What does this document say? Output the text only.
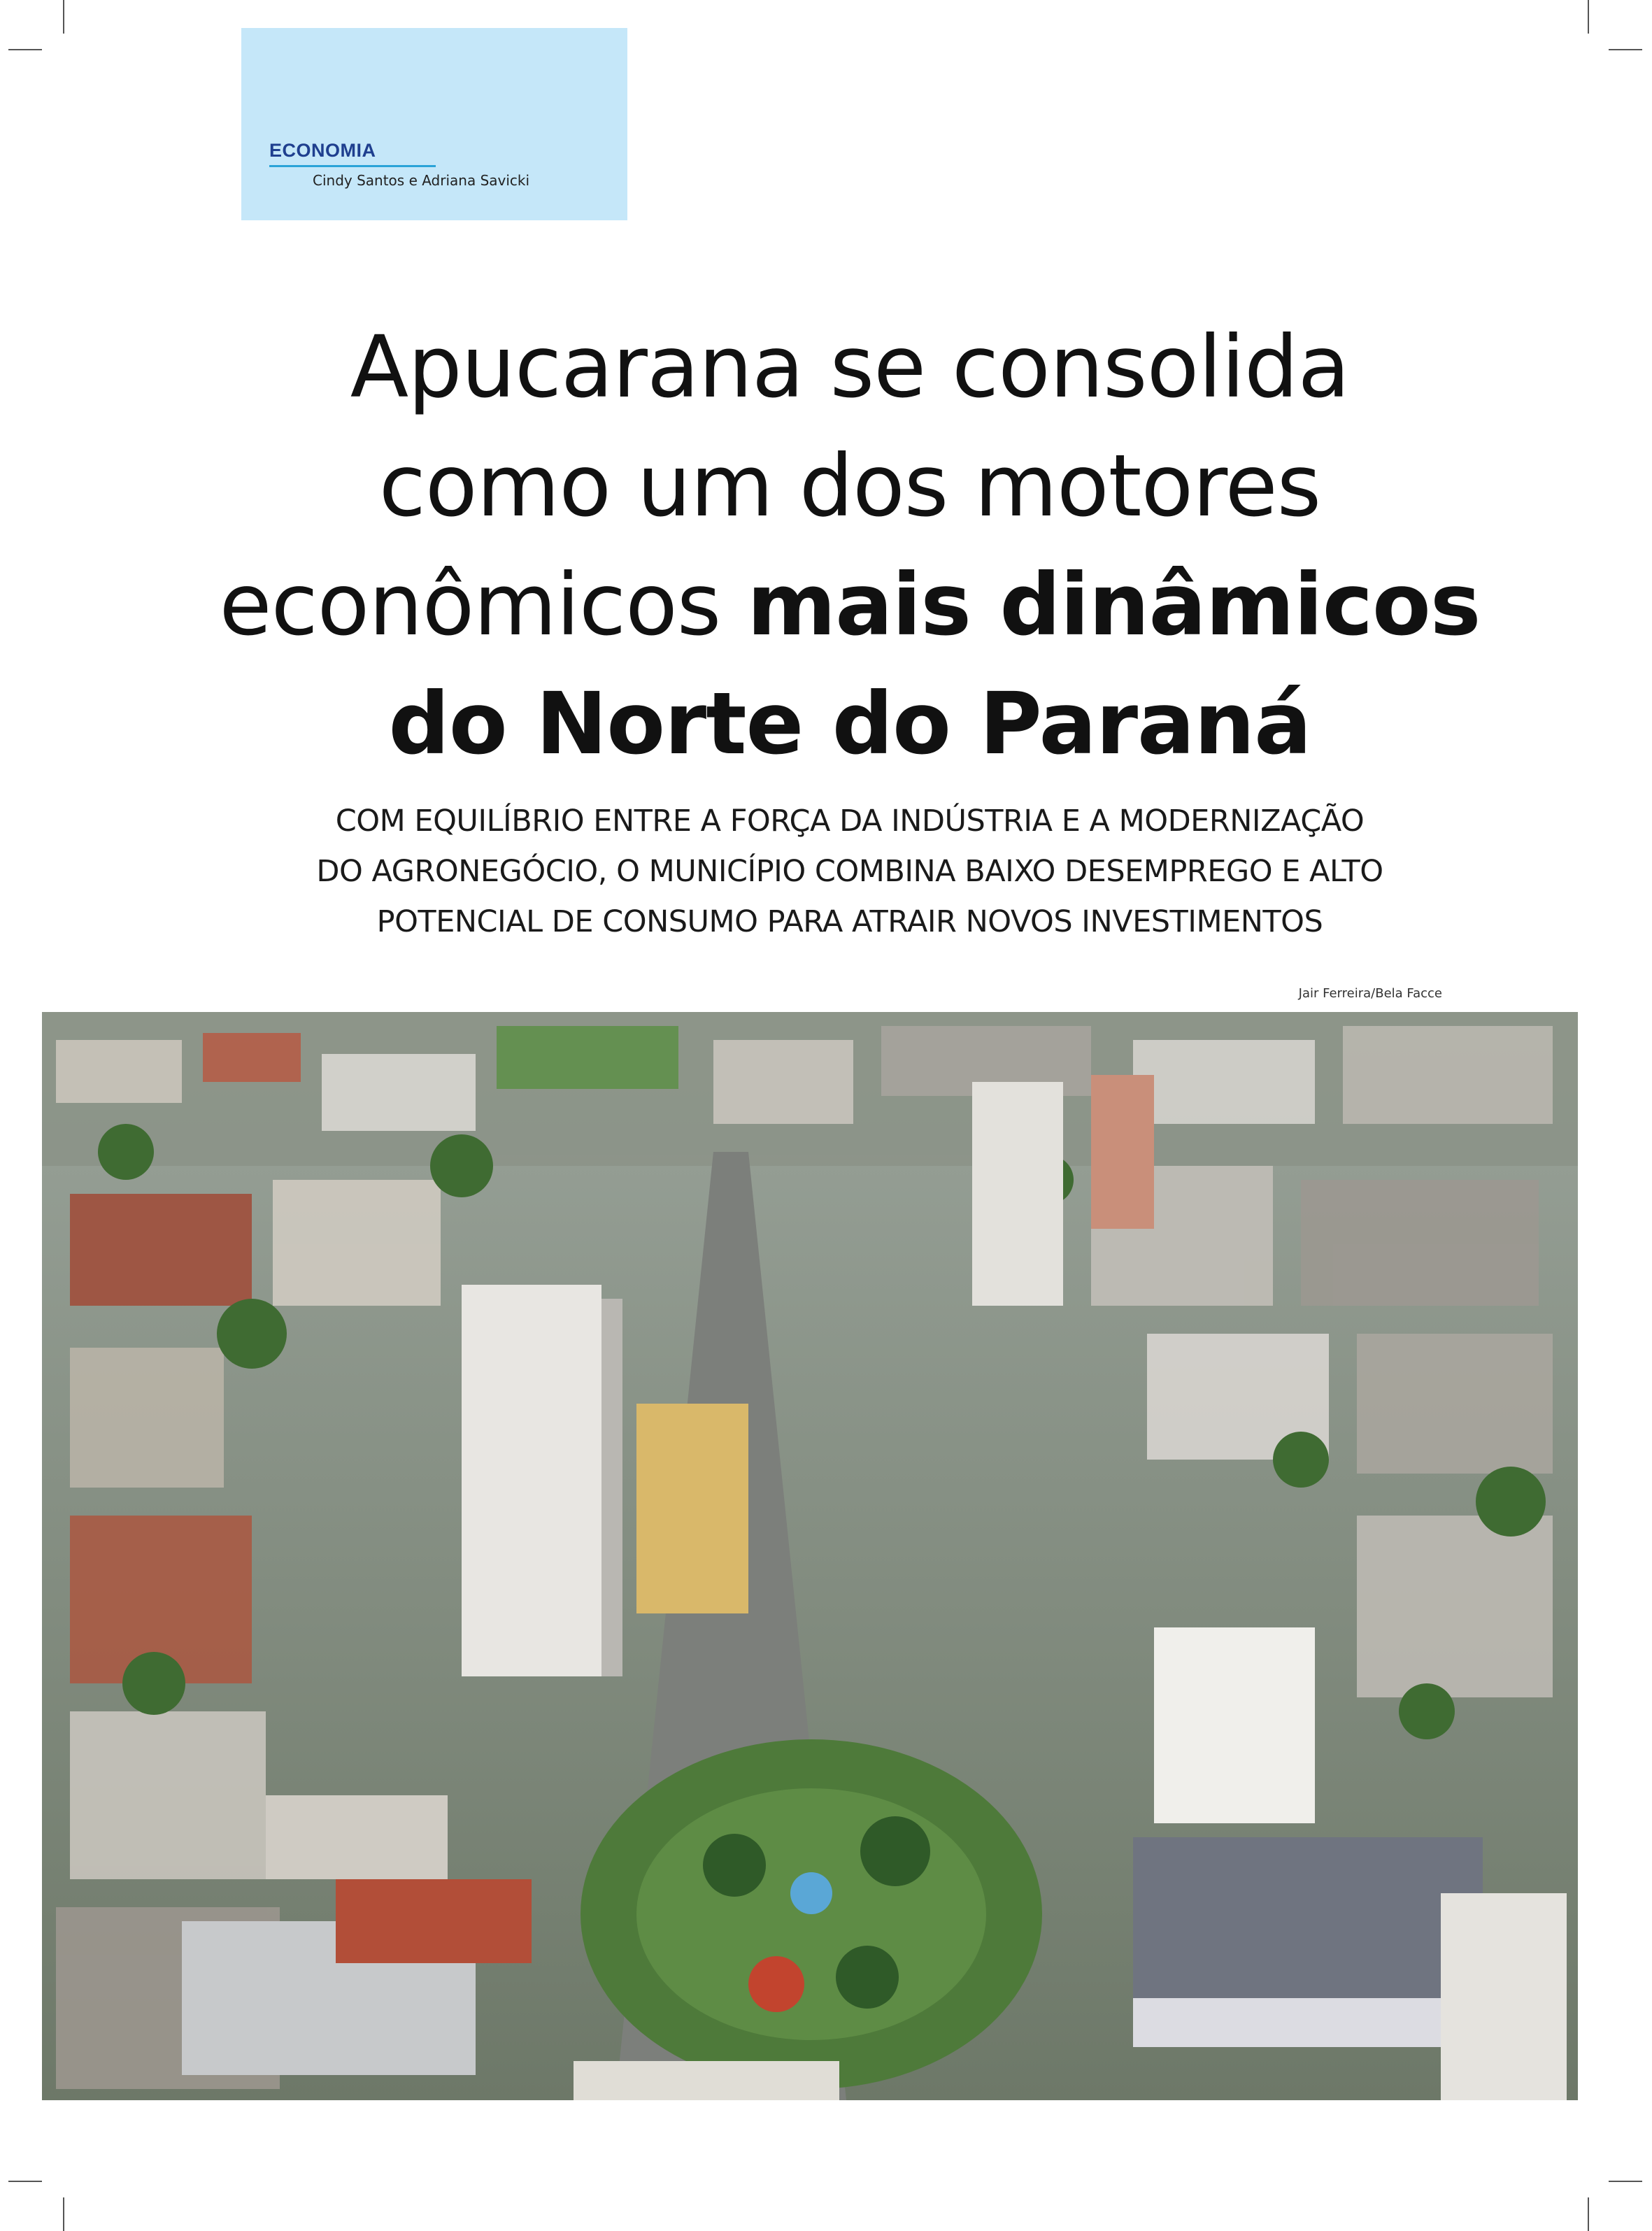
ECONOMIA
Cindy Santos e Adriana Savicki
Apucarana se consolida
como um dos motores
econômicos mais dinâmicos
do Norte do Paraná

COM EQUILÍBRIO ENTRE A FORÇA DA INDÚSTRIA E A MODERNIZAÇÃO
DO AGRONEGÓCIO, O MUNICÍPIO COMBINA BAIXO DESEMPREGO E ALTO
POTENCIAL DE CONSUMO PARA ATRAIR NOVOS INVESTIMENTOS

Jair Ferreira/Bela Facce
